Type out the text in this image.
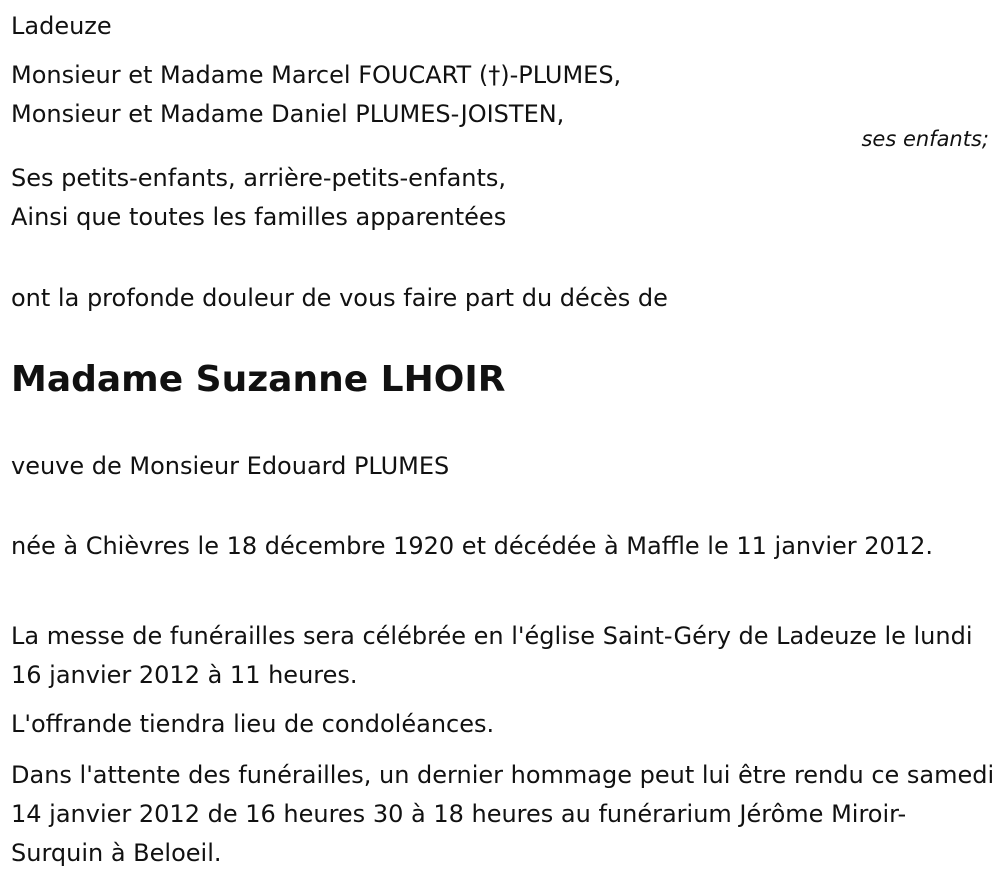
Ladeuze
Monsieur et Madame Marcel FOUCART (†)-PLUMES,
Monsieur et Madame Daniel PLUMES-JOISTEN,
ses enfants;
Ses petits-enfants, arrière-petits-enfants,
Ainsi que toutes les familles apparentées
ont la profonde douleur de vous faire part du décès de
Madame Suzanne LHOIR
veuve de Monsieur Edouard PLUMES
née à Chièvres le 18 décembre 1920 et décédée à Maffle le 11 janvier 2012.
La messe de funérailles sera célébrée en l'église Saint-Géry de Ladeuze le lundi 16 janvier 2012 à 11 heures.
L'offrande tiendra lieu de condoléances.
Dans l'attente des funérailles, un dernier hommage peut lui être rendu ce samedi 14 janvier 2012 de 16 heures 30 à 18 heures au funérarium Jérôme Miroir-Surquin à Beloeil.
